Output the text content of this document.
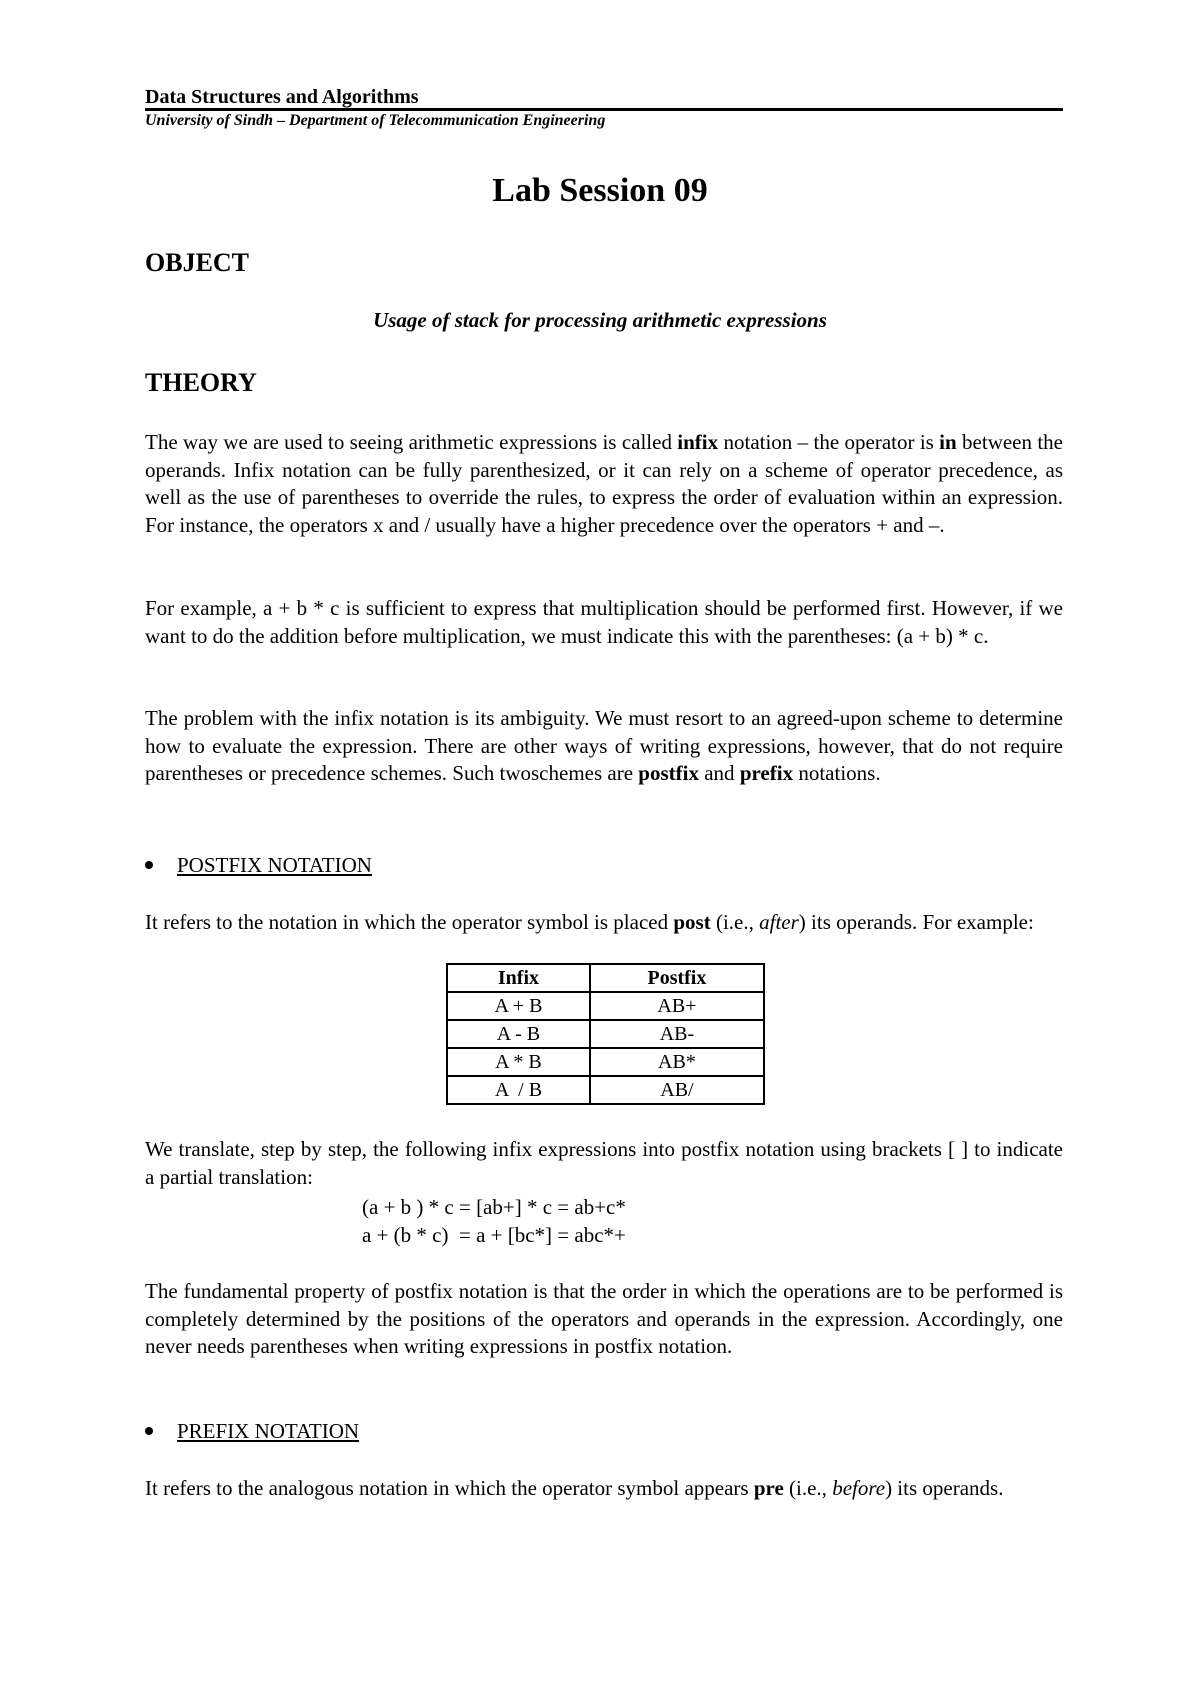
Data Structures and Algorithms
University of Sindh – Department of Telecommunication Engineering
Lab Session 09
OBJECT
Usage of stack for processing arithmetic expressions
THEORY

The way we are used to seeing arithmetic expressions is called infix notation – the operator is in between the operands. Infix notation can be fully parenthesized, or it can rely on a scheme of operator precedence, as well as the use of parentheses to override the rules, to express the order of evaluation within an expression. For instance, the operators x and / usually have a higher precedence over the operators + and –.

For example, a + b * c is sufficient to express that multiplication should be performed first. However, if we want to do the addition before multiplication, we must indicate this with the parentheses: (a + b) * c.

The problem with the infix notation is its ambiguity. We must resort to an agreed-upon scheme to determine how to evaluate the expression. There are other ways of writing expressions, however, that do not require parentheses or precedence schemes. Such twoschemes are postfix and prefix notations.

POSTFIX NOTATION

It refers to the notation in which the operator symbol is placed post (i.e., after) its operands. For example:

Infix	Postfix
A + B	AB+
A - B	AB-
A * B	AB*
A  / B	AB/

We translate, step by step, the following infix expressions into postfix notation using brackets [ ] to indicate a partial translation:

(a + b ) * c = [ab+] * c = ab+c*
a + (b * c)  = a + [bc*] = abc*+

The fundamental property of postfix notation is that the order in which the operations are to be performed is completely determined by the positions of the operators and operands in the expression. Accordingly, one never needs parentheses when writing expressions in postfix notation.

PREFIX NOTATION

It refers to the analogous notation in which the operator symbol appears pre (i.e., before) its operands.
